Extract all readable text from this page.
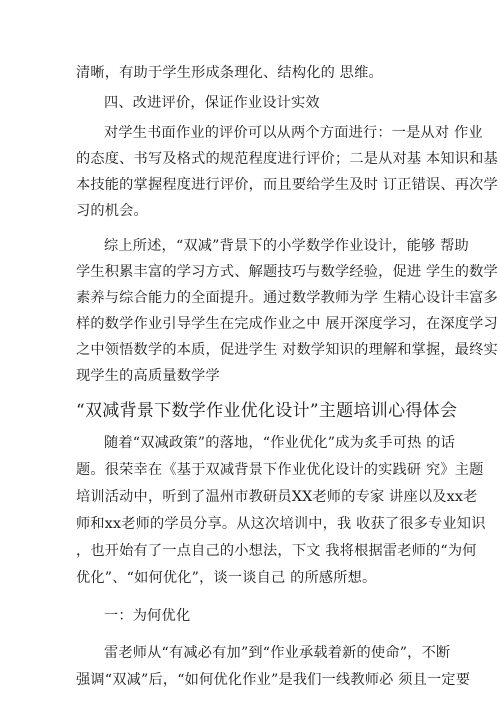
清晰，有助于学生形成条理化、结构化的 思维。
四、改进评价，保证作业设计实效
对学生书面作业的评价可以从两个方面进行：一是从对 作业
的态度、书写及格式的规范程度进行评价；二是从对基 本知识和基
本技能的掌握程度进行评价，而且要给学生及时 订正错误、再次学
习的机会。
综上所述，“双减”背景下的小学数学作业设计，能够 帮助
学生积累丰富的学习方式、解题技巧与数学经验，促进 学生的数学
素养与综合能力的全面提升。通过数学教师为学 生精心设计丰富多
样的数学作业引导学生在完成作业之中 展开深度学习，在深度学习
之中领悟数学的本质，促进学生 对数学知识的理解和掌握，最终实
现学生的高质量数学学
“双减背景下数学作业优化设计”主题培训心得体会
随着“双减政策”的落地，“作业优化”成为炙手可热 的话
题。很荣幸在《基于双减背景下作业优化设计的实践研 究》主题
培训活动中，听到了温州市教研员XX老师的专家 讲座以及xx老
师和xx老师的学员分享。从这次培训中，我 收获了很多专业知识
，也开始有了一点自己的小想法，下文 我将根据雷老师的“为何
优化”、“如何优化”，谈一谈自己 的所感所想。
一：为何优化
雷老师从“有减必有加”到“作业承载着新的使命”，不断
强调“双减”后，“如何优化作业”是我们一线教师必 须且一定要
